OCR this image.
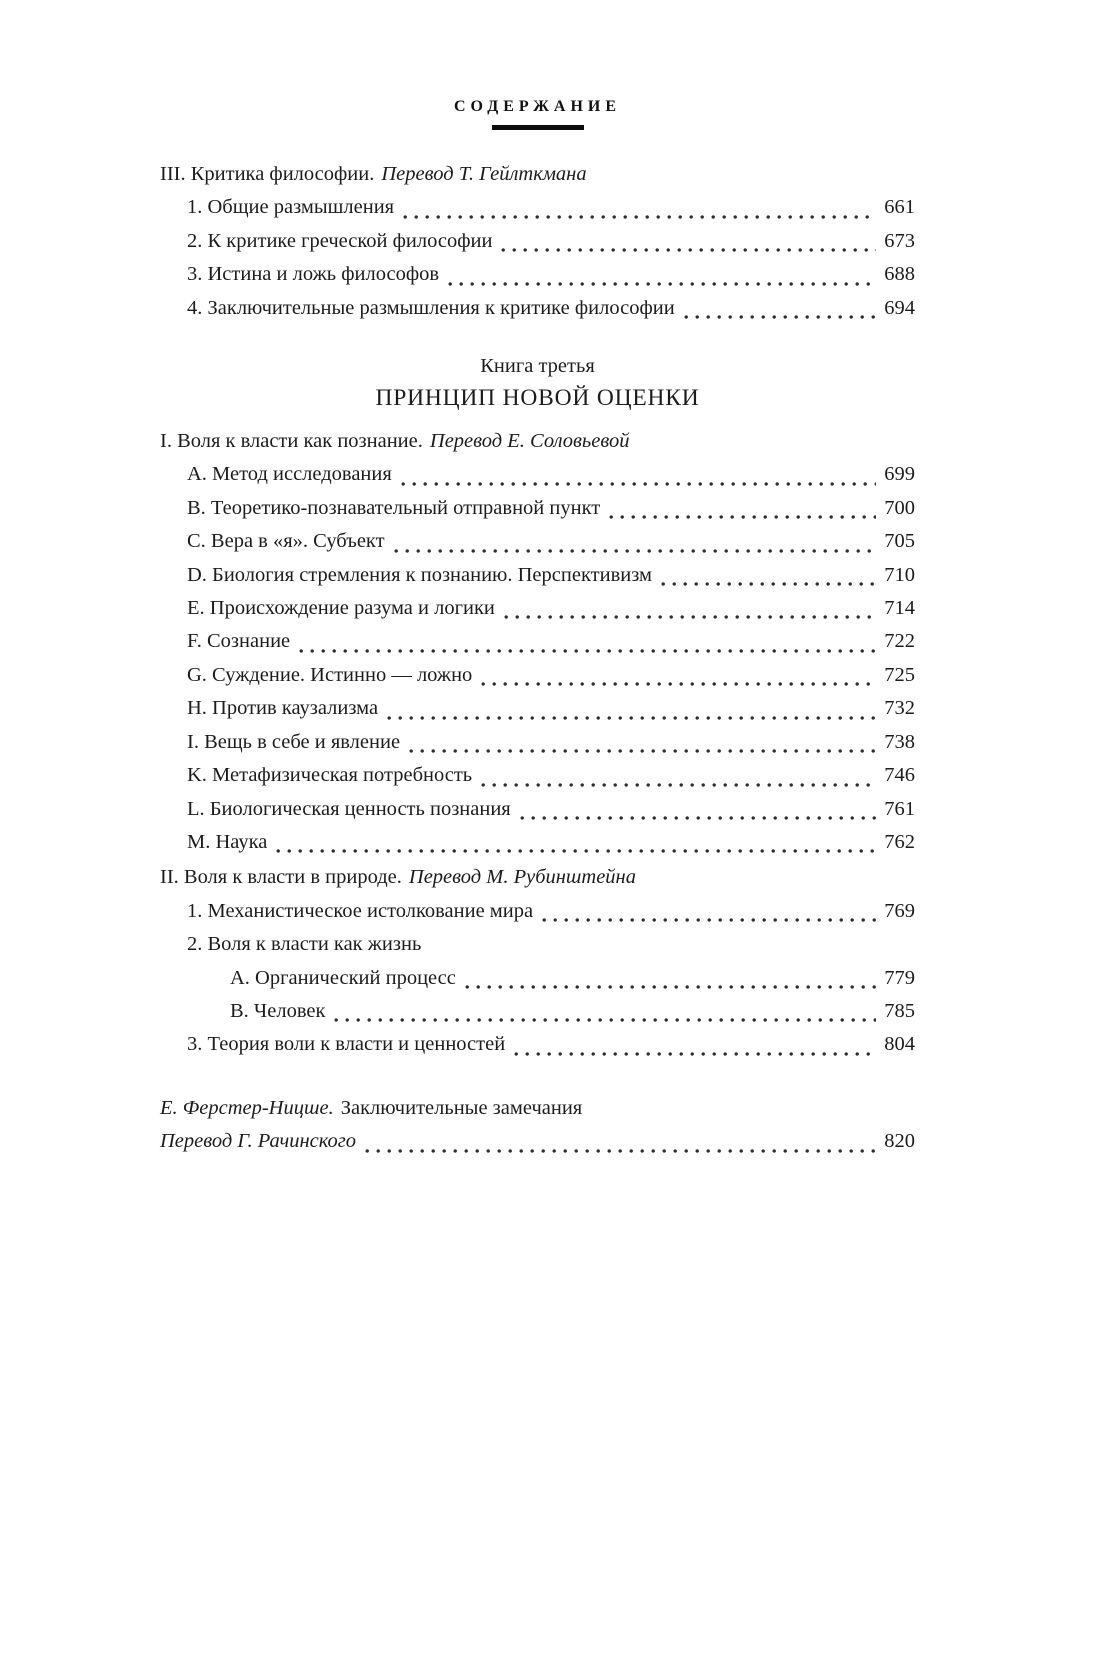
СОДЕРЖАНИЕ
III. Критика философии. Перевод Т. Гейлткмана
1. Общие размышления	661
2. К критике греческой философии	673
3. Истина и ложь философов	688
4. Заключительные размышления к критике философии	694
Книга третья
ПРИНЦИП НОВОЙ ОЦЕНКИ
I. Воля к власти как познание. Перевод Е. Соловьевой
A. Метод исследования	699
B. Теоретико-познавательный отправной пункт	700
C. Вера в «я». Субъект	705
D. Биология стремления к познанию. Перспективизм	710
E. Происхождение разума и логики	714
F. Сознание	722
G. Суждение. Истинно — ложно	725
H. Против каузализма	732
I. Вещь в себе и явление	738
K. Метафизическая потребность	746
L. Биологическая ценность познания	761
M. Наука	762
II. Воля к власти в природе. Перевод М. Рубинштейна
1. Механистическое истолкование мира	769
2. Воля к власти как жизнь
A. Органический процесс	779
B. Человек	785
3. Теория воли к власти и ценностей	804
Е. Ферстер-Ницше. Заключительные замечания
Перевод Г. Рачинского	820
